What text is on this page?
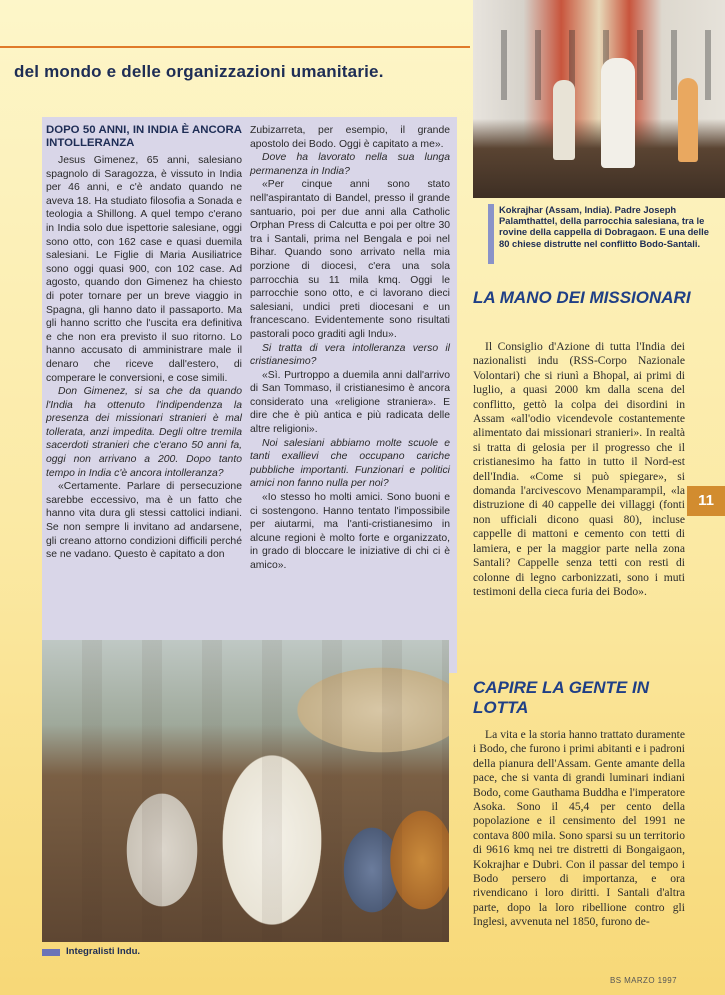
del mondo e delle organizzazioni umanitarie.
Kokrajhar (Assam, India). Padre Joseph Palamthattel, della parrocchia salesiana, tra le rovine della cappella di Dobragaon. E una delle 80 chiese distrutte nel conflitto Bodo-Santali.
DOPO 50 ANNI, IN INDIA È ANCORA INTOLLERANZA

Jesus Gimenez, 65 anni, salesiano spagnolo di Saragozza, è vissuto in India per 46 anni, e c'è andato quando ne aveva 18. Ha studiato filosofia a Sonada e teologia a Shillong. A quel tempo c'erano in India solo due ispettorie salesiane, oggi sono otto, con 162 case e quasi duemila salesiani. Le Figlie di Maria Ausiliatrice sono oggi quasi 900, con 102 case. Ad agosto, quando don Gimenez ha chiesto di poter tornare per un breve viaggio in Spagna, gli hanno dato il passaporto. Ma gli hanno scritto che l'uscita era definitiva e che non era previsto il suo ritorno. Lo hanno accusato di amministrare male il denaro che riceve dall'estero, di comperare le conversioni, e cose simili.

Don Gimenez, si sa che da quando l'India ha ottenuto l'indipendenza la presenza dei missionari stranieri è mal tollerata, anzi impedita. Degli oltre tremila sacerdoti stranieri che c'erano 50 anni fa, oggi non arrivano a 200. Dopo tanto tempo in India c'è ancora intolleranza?

«Certamente. Parlare di persecuzione sarebbe eccessivo, ma è un fatto che hanno vita dura gli stessi cattolici indiani. Se non sempre li invitano ad andarsene, gli creano attorno condizioni difficili perché se ne vadano. Questo è capitato a don

Zubizarreta, per esempio, il grande apostolo dei Bodo. Oggi è capitato a me».

Dove ha lavorato nella sua lunga permanenza in India?

«Per cinque anni sono stato nell'aspirantato di Bandel, presso il grande santuario, poi per due anni alla Catholic Orphan Press di Calcutta e poi per oltre 30 tra i Santali, prima nel Bengala e poi nel Bihar. Quando sono arrivato nella mia porzione di diocesi, c'era una sola parrocchia su 11 mila kmq. Oggi le parrocchie sono otto, e ci lavorano dieci salesiani, undici preti diocesani e un francescano. Evidentemente sono risultati pastorali poco graditi agli Indu».

Si tratta di vera intolleranza verso il cristianesimo?

«Sì. Purtroppo a duemila anni dall'arrivo di San Tommaso, il cristianesimo è ancora considerato una «religione straniera». E dire che è più antica e più radicata delle altre religioni».

Noi salesiani abbiamo molte scuole e tanti exallievi che occupano cariche pubbliche importanti. Funzionari e politici amici non fanno nulla per noi?

«Io stesso ho molti amici. Sono buoni e ci sostengono. Hanno tentato l'impossibile per aiutarmi, ma l'anti-cristianesimo in alcune regioni è molto forte e organizzato, in grado di bloccare le iniziative di chi ci è amico».

Integralisti Indu.
LA MANO DEI MISSIONARI

Il Consiglio d'Azione di tutta l'India dei nazionalisti indu (RSS-Corpo Nazionale Volontari) che si riunì a Bhopal, ai primi di luglio, a quasi 2000 km dalla scena del conflitto, gettò la colpa dei disordini in Assam «all'odio vicendevole costantemente alimentato dai missionari stranieri». In realtà si tratta di gelosia per il progresso che il cristianesimo ha fatto in tutto il Nord-est dell'India. «Come si può spiegare», si domanda l'arcivescovo Menamparampil, «la distruzione di 40 cappelle dei villaggi (fonti non ufficiali dicono quasi 80), incluse cappelle di mattoni e cemento con tetti di lamiera, e per la maggior parte nella zona Santali? Cappelle senza tetti con resti di colonne di legno carbonizzati, sono i muti testimoni della cieca furia dei Bodo».

CAPIRE LA GENTE IN LOTTA

La vita e la storia hanno trattato duramente i Bodo, che furono i primi abitanti e i padroni della pianura dell'Assam. Gente amante della pace, che si vanta di grandi luminari indiani Bodo, come Gauthama Buddha e l'imperatore Asoka. Sono il 45,4 per cento della popolazione e il censimento del 1991 ne contava 800 mila. Sono sparsi su un territorio di 9616 kmq nei tre distretti di Bongaigaon, Kokrajhar e Dubri. Con il passar del tempo i Bodo persero di importanza, e ora rivendicano i loro diritti. I Santali d'altra parte, dopo la loro ribellione contro gli Inglesi, avvenuta nel 1850, furono de-

11
BS MARZO 1997
